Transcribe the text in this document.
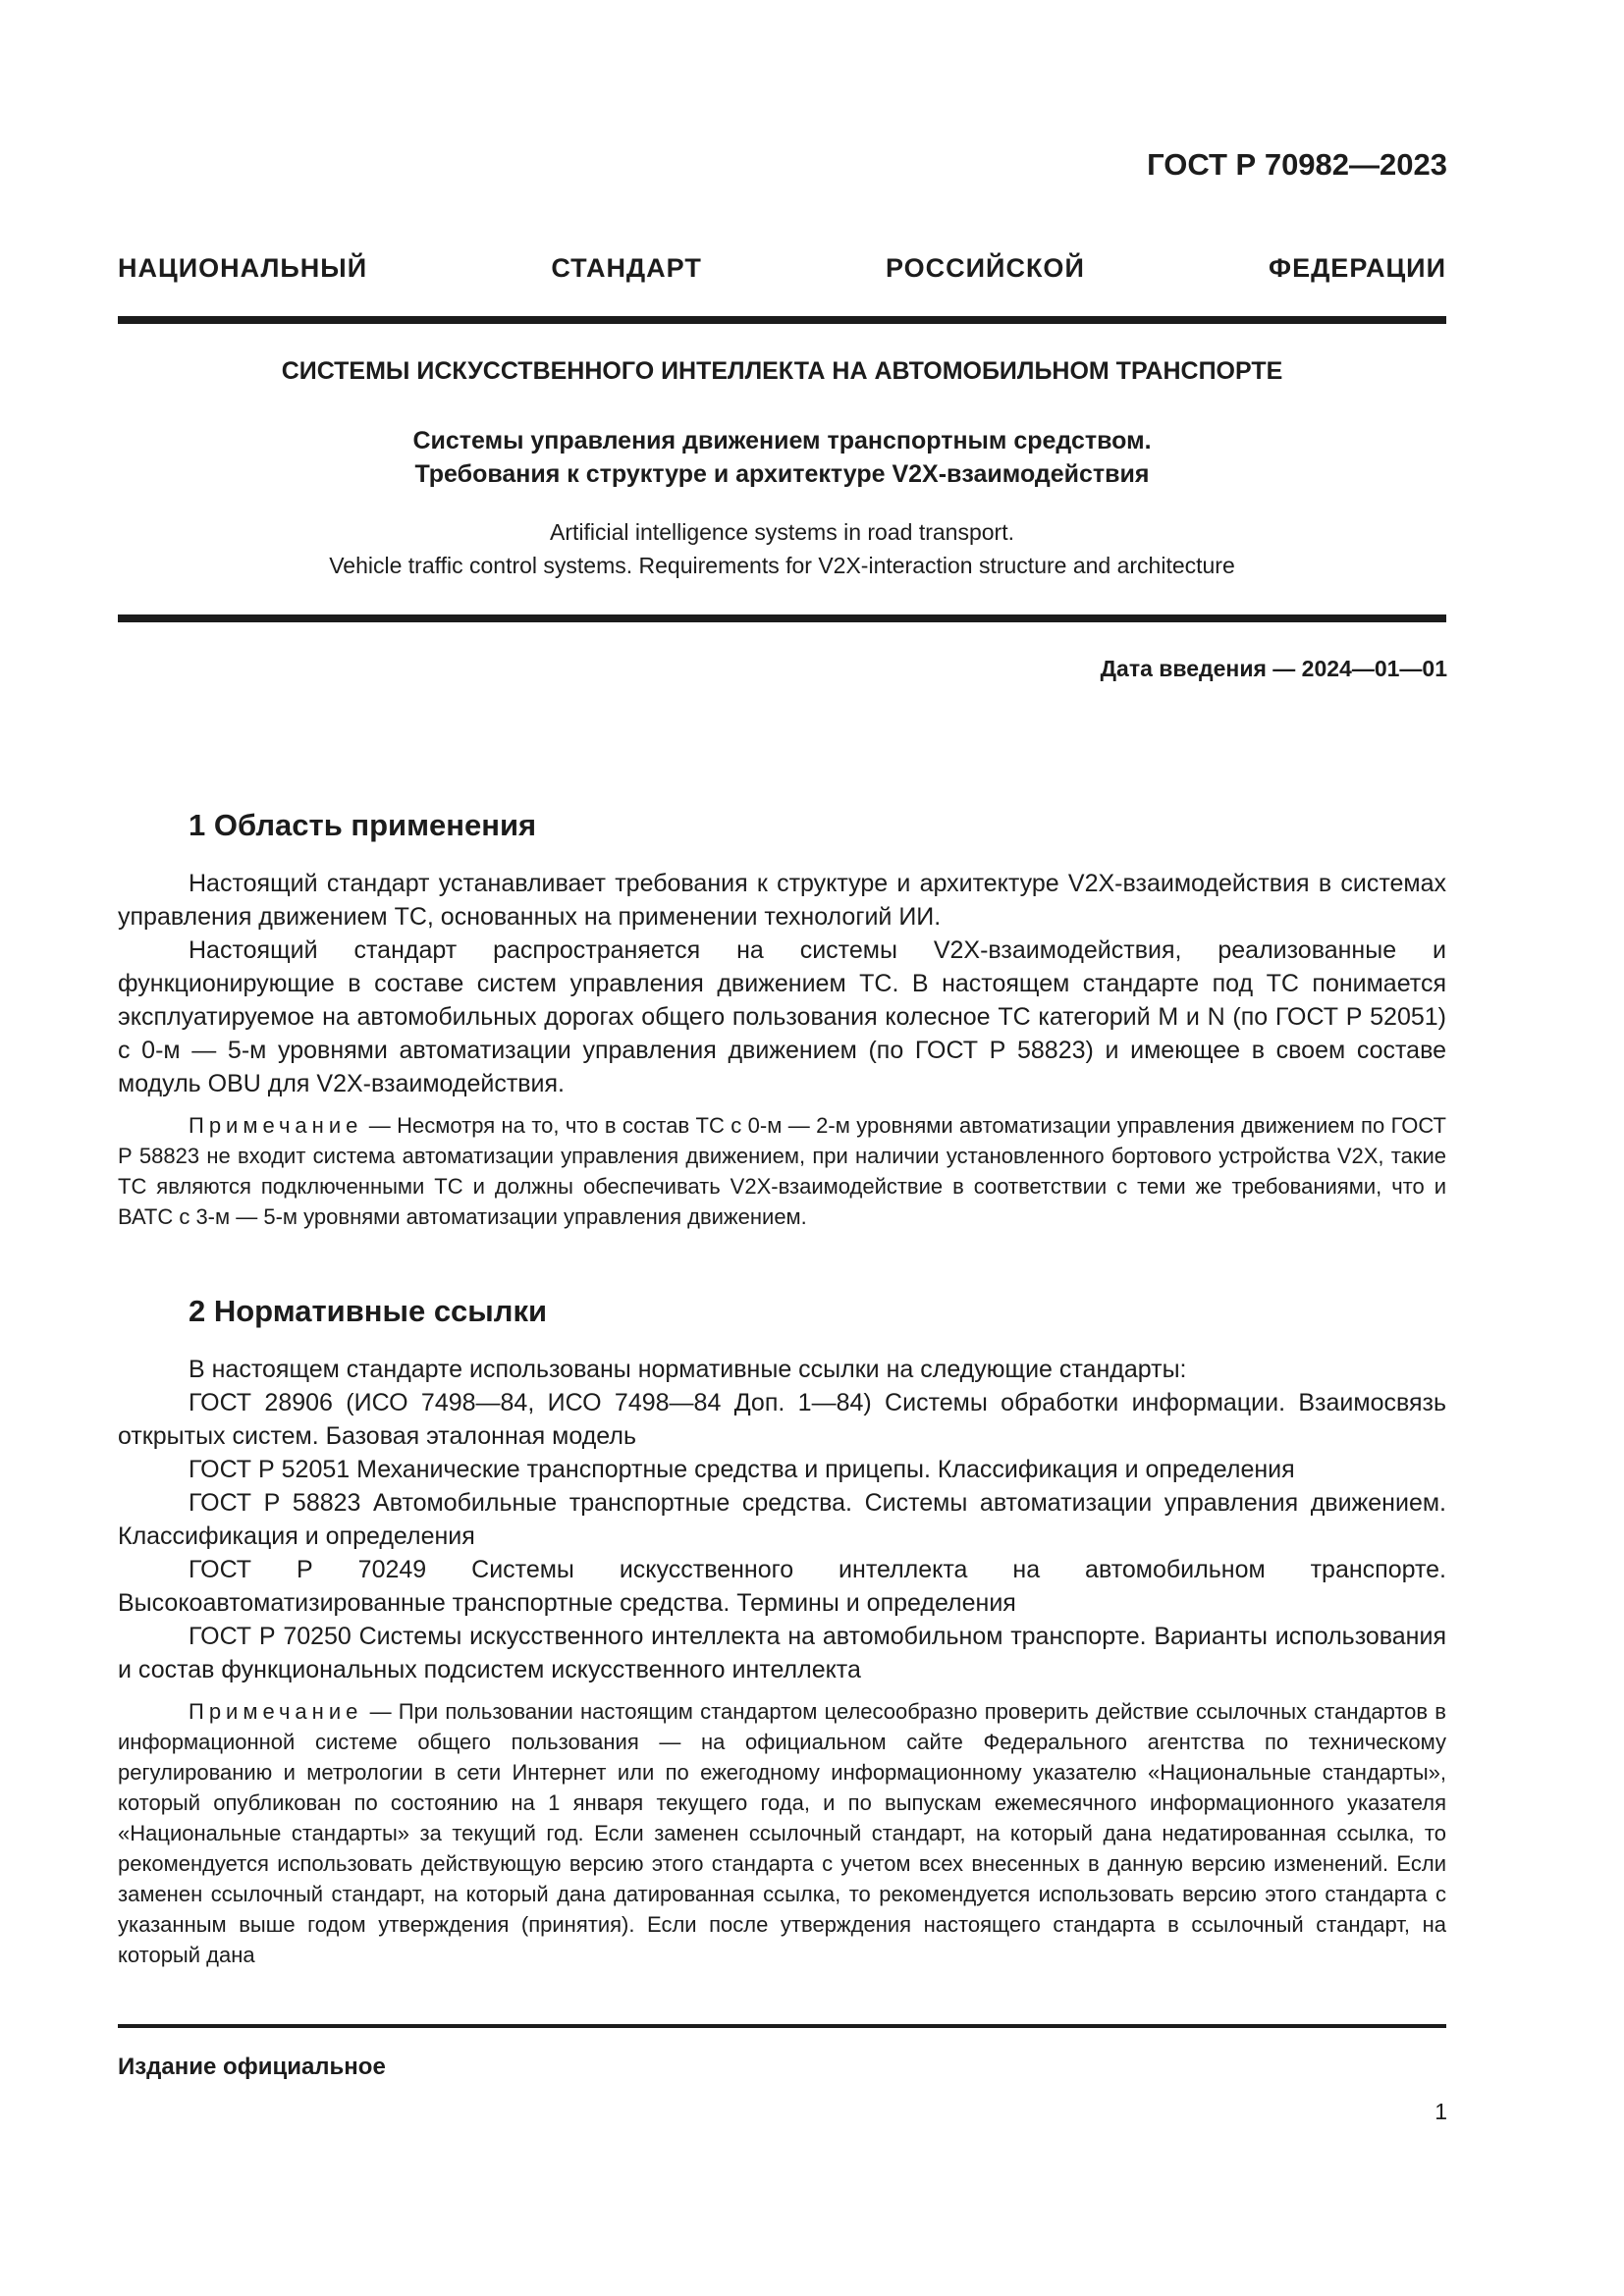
ГОСТ Р 70982—2023
НАЦИОНАЛЬНЫЙ СТАНДАРТ РОССИЙСКОЙ ФЕДЕРАЦИИ
СИСТЕМЫ ИСКУССТВЕННОГО ИНТЕЛЛЕКТА НА АВТОМОБИЛЬНОМ ТРАНСПОРТЕ
Системы управления движением транспортным средством.
Требования к структуре и архитектуре V2X-взаимодействия
Artificial intelligence systems in road transport.
Vehicle traffic control systems. Requirements for V2X-interaction structure and architecture
Дата введения — 2024—01—01
1 Область применения

Настоящий стандарт устанавливает требования к структуре и архитектуре V2X-взаимодействия в системах управления движением ТС, основанных на применении технологий ИИ.

Настоящий стандарт распространяется на системы V2X-взаимодействия, реализованные и функционирующие в составе систем управления движением ТС. В настоящем стандарте под ТС понимается эксплуатируемое на автомобильных дорогах общего пользования колесное ТС категорий М и N (по ГОСТ Р 52051) с 0-м — 5-м уровнями автоматизации управления движением (по ГОСТ Р 58823) и имеющее в своем составе модуль OBU для V2X-взаимодействия.

Примечание — Несмотря на то, что в состав ТС с 0-м — 2-м уровнями автоматизации управления движением по ГОСТ Р 58823 не входит система автоматизации управления движением, при наличии установленного бортового устройства V2X, такие ТС являются подключенными ТС и должны обеспечивать V2X-взаимодействие в соответствии с теми же требованиями, что и ВАТС с 3-м — 5-м уровнями автоматизации управления движением.

2 Нормативные ссылки

В настоящем стандарте использованы нормативные ссылки на следующие стандарты:

ГОСТ 28906 (ИСО 7498—84, ИСО 7498—84 Доп. 1—84) Системы обработки информации. Взаимосвязь открытых систем. Базовая эталонная модель

ГОСТ Р 52051 Механические транспортные средства и прицепы. Классификация и определения

ГОСТ Р 58823 Автомобильные транспортные средства. Системы автоматизации управления движением. Классификация и определения

ГОСТ Р 70249 Системы искусственного интеллекта на автомобильном транспорте. Высокоавтоматизированные транспортные средства. Термины и определения

ГОСТ Р 70250 Системы искусственного интеллекта на автомобильном транспорте. Варианты использования и состав функциональных подсистем искусственного интеллекта

Примечание — При пользовании настоящим стандартом целесообразно проверить действие ссылочных стандартов в информационной системе общего пользования — на официальном сайте Федерального агентства по техническому регулированию и метрологии в сети Интернет или по ежегодному информационному указателю «Национальные стандарты», который опубликован по состоянию на 1 января текущего года, и по выпускам ежемесячного информационного указателя «Национальные стандарты» за текущий год. Если заменен ссылочный стандарт, на который дана недатированная ссылка, то рекомендуется использовать действующую версию этого стандарта с учетом всех внесенных в данную версию изменений. Если заменен ссылочный стандарт, на который дана датированная ссылка, то рекомендуется использовать версию этого стандарта с указанным выше годом утверждения (принятия). Если после утверждения настоящего стандарта в ссылочный стандарт, на который дана

Издание официальное
1
